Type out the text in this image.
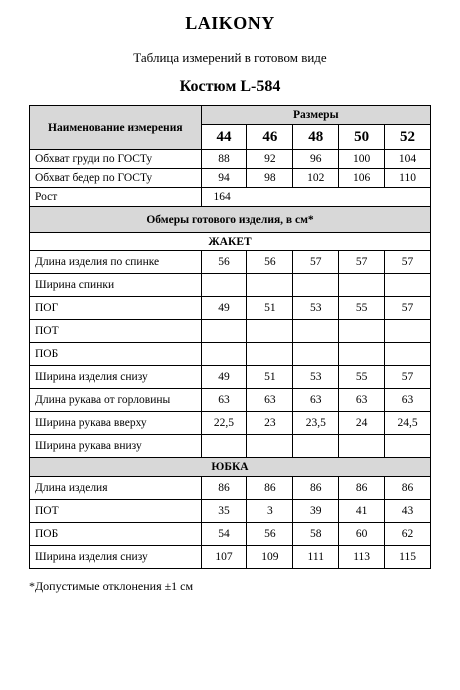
LAIKONY
Таблица измерений в готовом виде
Костюм L-584
Наименование измерения	Размеры				
	44	46	48	50	52
Обхват груди по ГОСТу	88	92	96	100	104
Обхват бедер по ГОСТу	94	98	102	106	110
Рост	164				
Обмеры готового изделия, в см*					
ЖАКЕТ					
Длина изделия по спинке	56	56	57	57	57
Ширина спинки					
ПОГ	49	51	53	55	57
ПОТ					
ПОБ					
Ширина изделия снизу	49	51	53	55	57
Длина рукава от горловины	63	63	63	63	63
Ширина рукава вверху	22,5	23	23,5	24	24,5
Ширина рукава внизу					
ЮБКА					
Длина изделия	86	86	86	86	86
ПОТ	35	3	39	41	43
ПОБ	54	56	58	60	62
Ширина изделия снизу	107	109	111	113	115
*Допустимые отклонения ±1 см
